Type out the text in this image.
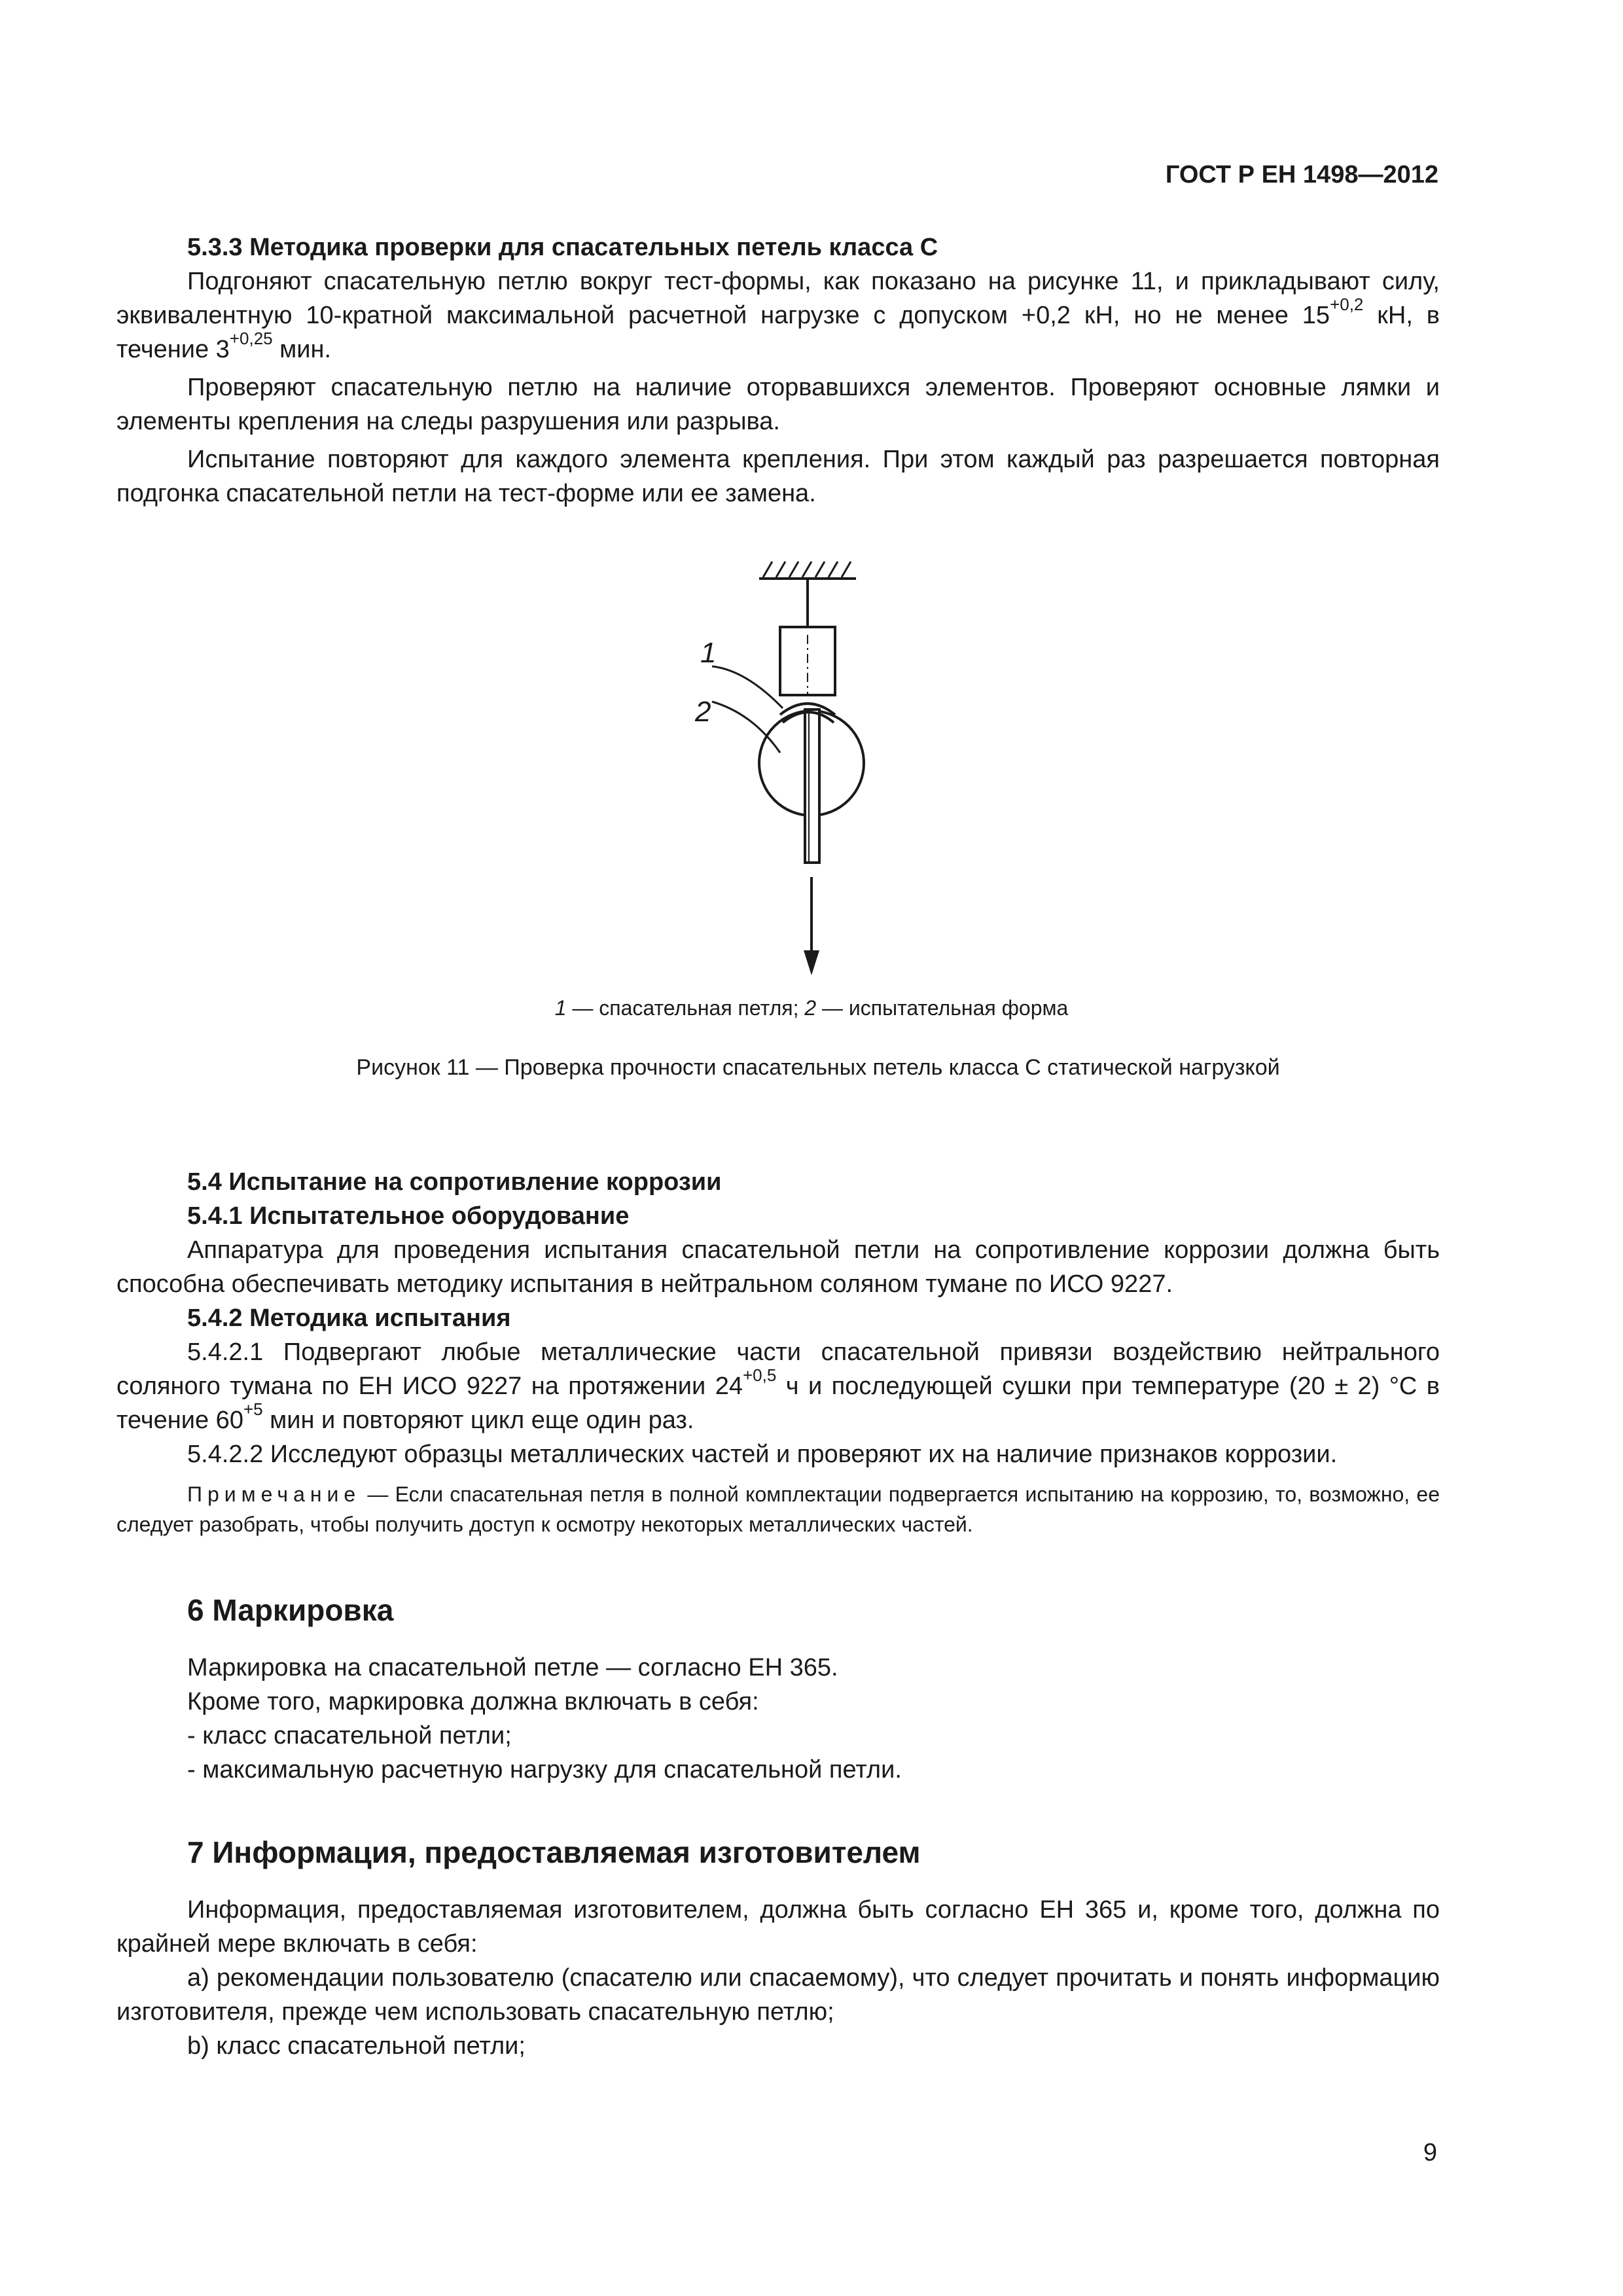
ГОСТ Р ЕН 1498—2012

5.3.3 Методика проверки для спасательных петель класса С

Подгоняют спасательную петлю вокруг тест-формы, как показано на рисунке 11, и прикладывают силу, эквивалентную 10-кратной максимальной расчетной нагрузке с допуском +0,2 кН, но не менее $15^{+0,2}$ кН, в течение $3^{+0,25}$ мин.

Проверяют спасательную петлю на наличие оторвавшихся элементов. Проверяют основные лямки и элементы крепления на следы разрушения или разрыва.

Испытание повторяют для каждого элемента крепления. При этом каждый раз разрешается повторная подгонка спасательной петли на тест-форме или ее замена.

1
2
1 — спасательная петля; 2 — испытательная форма
Рисунок 11 — Проверка прочности спасательных петель класса С статической нагрузкой

5.4 Испытание на сопротивление коррозии

5.4.1 Испытательное оборудование

Аппаратура для проведения испытания спасательной петли на сопротивление коррозии должна быть способна обеспечивать методику испытания в нейтральном соляном тумане по ИСО 9227.

5.4.2 Методика испытания

5.4.2.1 Подвергают любые металлические части спасательной привязи воздействию нейтрального соляного тумана по ЕН ИСО 9227 на протяжении $24^{+0,5}$ ч и последующей сушки при температуре (20 ± 2) °С в течение $60^{+5}$ мин и повторяют цикл еще один раз.

5.4.2.2 Исследуют образцы металлических частей и проверяют их на наличие признаков коррозии.

Примечание — Если спасательная петля в полной комплектации подвергается испытанию на коррозию, то, возможно, ее следует разобрать, чтобы получить доступ к осмотру некоторых металлических частей.

6 Маркировка

Маркировка на спасательной петле — согласно ЕН 365.

Кроме того, маркировка должна включать в себя:

- класс спасательной петли;

- максимальную расчетную нагрузку для спасательной петли.

7 Информация, предоставляемая изготовителем

Информация, предоставляемая изготовителем, должна быть согласно ЕН 365 и, кроме того, должна по крайней мере включать в себя:

a) рекомендации пользователю (спасателю или спасаемому), что следует прочитать и понять информацию изготовителя, прежде чем использовать спасательную петлю;

b) класс спасательной петли;

9
